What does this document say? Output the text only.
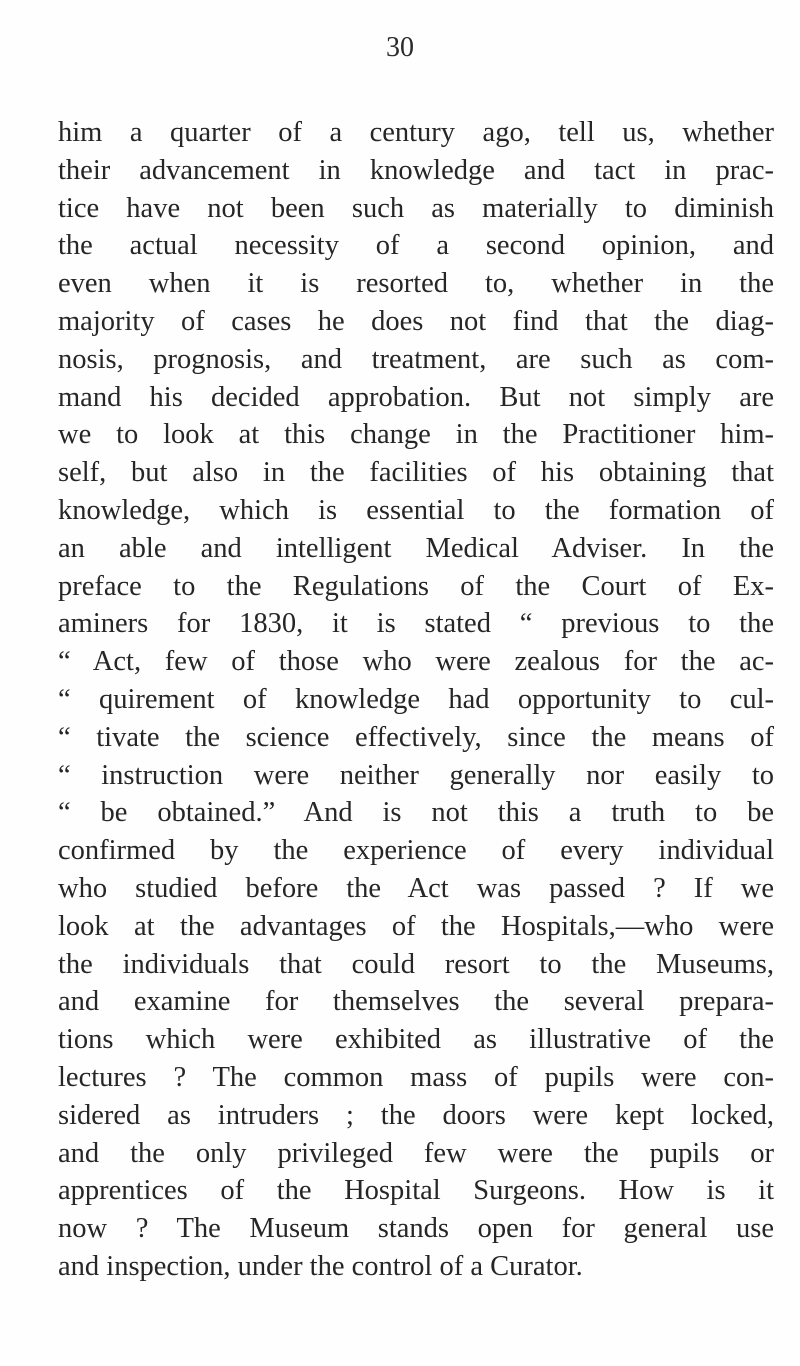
30
him a quarter of a century ago, tell us, whether
their advancement in knowledge and tact in prac-
tice have not been such as materially to diminish
the actual necessity of a second opinion, and
even when it is resorted to, whether in the
majority of cases he does not find that the diag-
nosis, prognosis, and treatment, are such as com-
mand his decided approbation. But not simply are
we to look at this change in the Practitioner him-
self, but also in the facilities of his obtaining that
knowledge, which is essential to the formation of
an able and intelligent Medical Adviser. In the
preface to the Regulations of the Court of Ex-
aminers for 1830, it is stated “ previous to the
“ Act, few of those who were zealous for the ac-
“ quirement of knowledge had opportunity to cul-
“ tivate the science effectively, since the means of
“ instruction were neither generally nor easily to
“ be obtained.” And is not this a truth to be
confirmed by the experience of every individual
who studied before the Act was passed ? If we
look at the advantages of the Hospitals,—who were
the individuals that could resort to the Museums,
and examine for themselves the several prepara-
tions which were exhibited as illustrative of the
lectures ? The common mass of pupils were con-
sidered as intruders ; the doors were kept locked,
and the only privileged few were the pupils or
apprentices of the Hospital Surgeons. How is it
now ? The Museum stands open for general use
and inspection, under the control of a Curator.
